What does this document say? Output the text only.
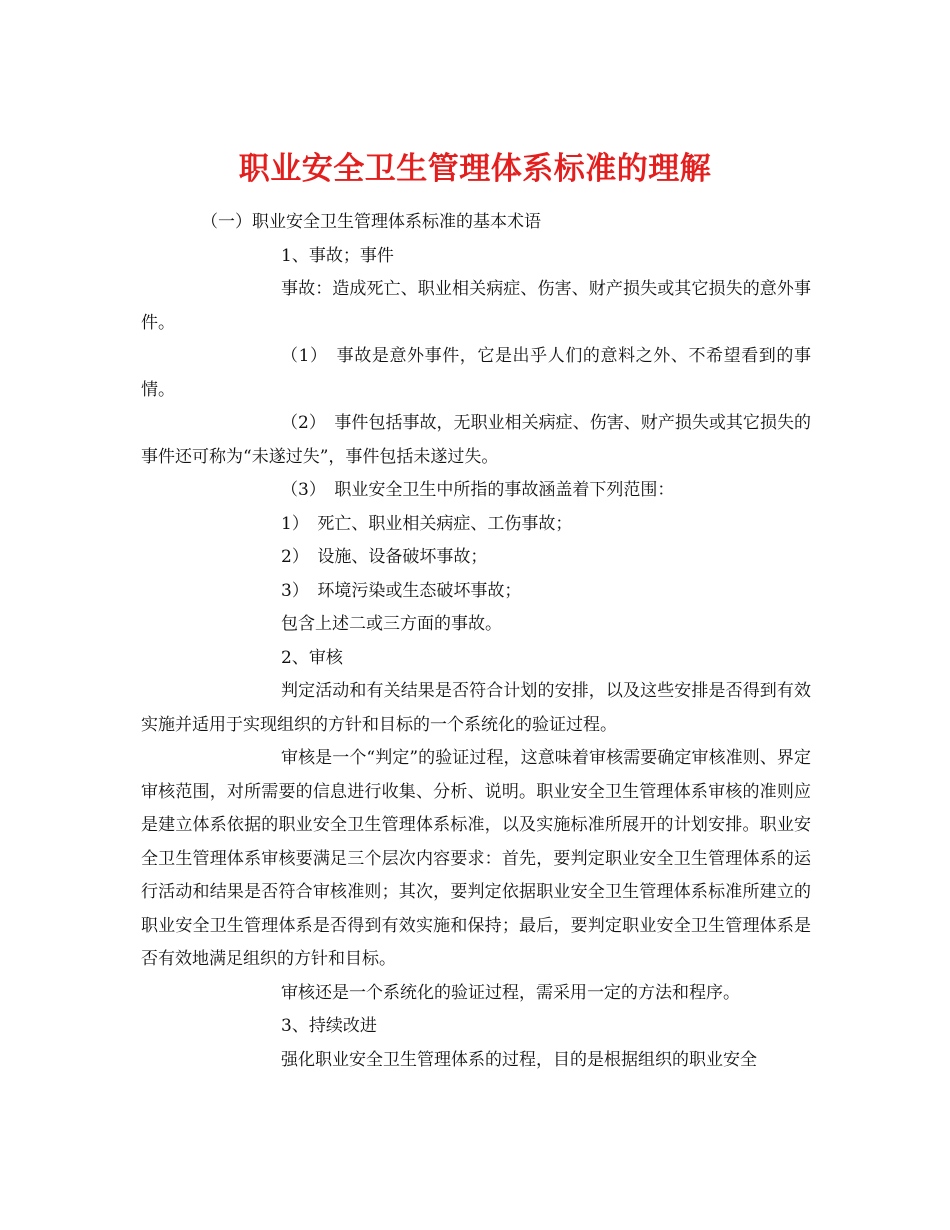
职业安全卫生管理体系标准的理解

（一）职业安全卫生管理体系标准的基本术语

1、事故；事件

事故：造成死亡、职业相关病症、伤害、财产损失或其它损失的意外事件。

（1）　事故是意外事件，它是出乎人们的意料之外、不希望看到的事情。

（2）　事件包括事故，无职业相关病症、伤害、财产损失或其它损失的事件还可称为“未遂过失”，事件包括未遂过失。

（3）　职业安全卫生中所指的事故涵盖着下列范围：

1）　死亡、职业相关病症、工伤事故；

2）　设施、设备破坏事故；

3）　环境污染或生态破坏事故；

包含上述二或三方面的事故。

2、审核

判定活动和有关结果是否符合计划的安排，以及这些安排是否得到有效实施并适用于实现组织的方针和目标的一个系统化的验证过程。

审核是一个“判定”的验证过程，这意味着审核需要确定审核准则、界定审核范围，对所需要的信息进行收集、分析、说明。职业安全卫生管理体系审核的准则应是建立体系依据的职业安全卫生管理体系标准，以及实施标准所展开的计划安排。职业安全卫生管理体系审核要满足三个层次内容要求：首先，要判定职业安全卫生管理体系的运行活动和结果是否符合审核准则；其次，要判定依据职业安全卫生管理体系标准所建立的职业安全卫生管理体系是否得到有效实施和保持；最后，要判定职业安全卫生管理体系是否有效地满足组织的方针和目标。

审核还是一个系统化的验证过程，需采用一定的方法和程序。

3、持续改进

强化职业安全卫生管理体系的过程，目的是根据组织的职业安全
